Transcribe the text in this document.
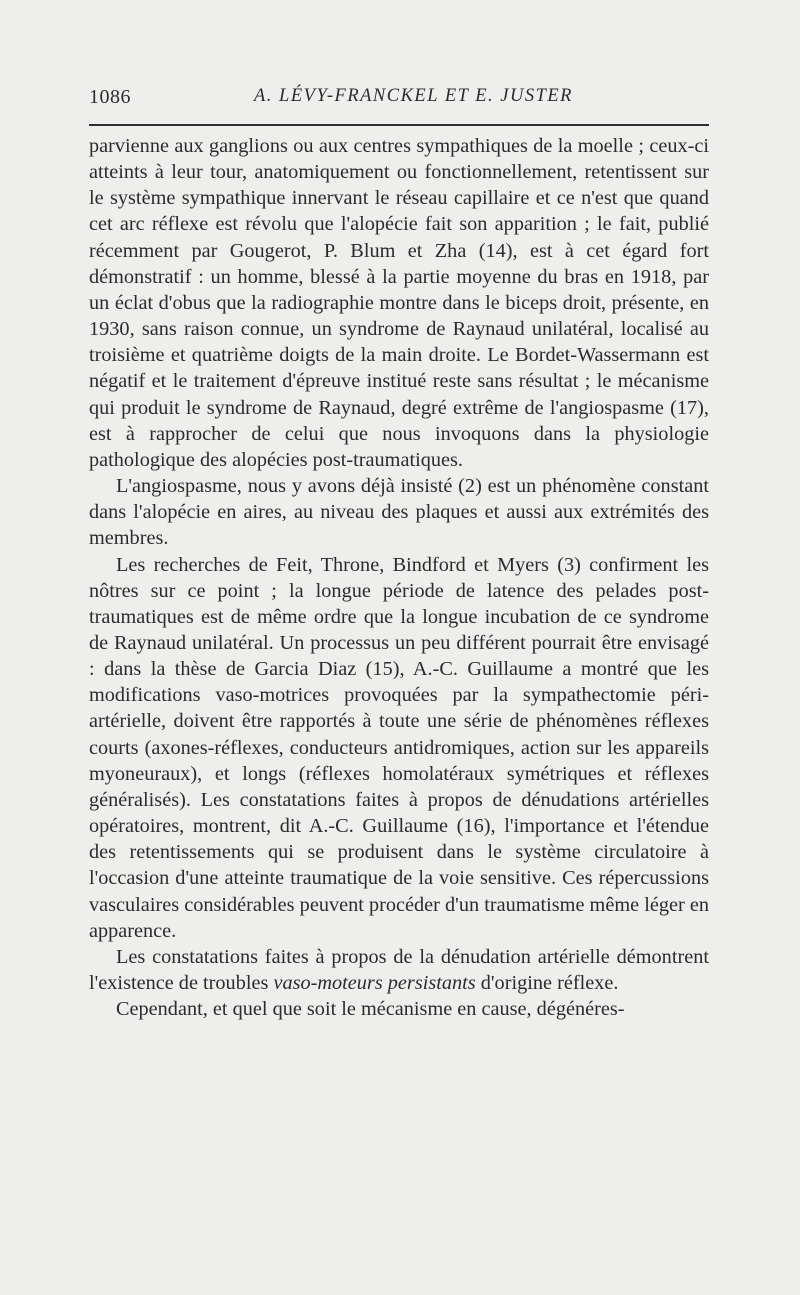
1086	A. LÉVY-FRANCKEL ET E. JUSTER

parvienne aux ganglions ou aux centres sympathiques de la moelle ; ceux-ci atteints à leur tour, anatomiquement ou fonctionnellement, retentissent sur le système sympathique innervant le réseau capillaire et ce n'est que quand cet arc réflexe est révolu que l'alopécie fait son apparition ; le fait, publié récemment par Gougerot, P. Blum et Zha (14), est à cet égard fort démonstratif : un homme, blessé à la partie moyenne du bras en 1918, par un éclat d'obus que la radiographie montre dans le biceps droit, présente, en 1930, sans raison connue, un syndrome de Raynaud unilatéral, localisé au troisième et quatrième doigts de la main droite. Le Bordet-Wassermann est négatif et le traitement d'épreuve institué reste sans résultat ; le mécanisme qui produit le syndrome de Raynaud, degré extrême de l'angiospasme (17), est à rapprocher de celui que nous invoquons dans la physiologie pathologique des alopécies post-traumatiques.

L'angiospasme, nous y avons déjà insisté (2) est un phénomène constant dans l'alopécie en aires, au niveau des plaques et aussi aux extrémités des membres.

Les recherches de Feit, Throne, Bindford et Myers (3) confirment les nôtres sur ce point ; la longue période de latence des pelades post-traumatiques est de même ordre que la longue incubation de ce syndrome de Raynaud unilatéral. Un processus un peu différent pourrait être envisagé : dans la thèse de Garcia Diaz (15), A.-C. Guillaume a montré que les modifications vaso-motrices provoquées par la sympathectomie péri-artérielle, doivent être rapportés à toute une série de phénomènes réflexes courts (axones-réflexes, conducteurs antidromiques, action sur les appareils myoneuraux), et longs (réflexes homolatéraux symétriques et réflexes généralisés). Les constatations faites à propos de dénudations artérielles opératoires, montrent, dit A.-C. Guillaume (16), l'importance et l'étendue des retentissements qui se produisent dans le système circulatoire à l'occasion d'une atteinte traumatique de la voie sensitive. Ces répercussions vasculaires considérables peuvent procéder d'un traumatisme même léger en apparence.

Les constatations faites à propos de la dénudation artérielle démontrent l'existence de troubles vaso-moteurs persistants d'origine réflexe.

Cependant, et quel que soit le mécanisme en cause, dégénéres-
